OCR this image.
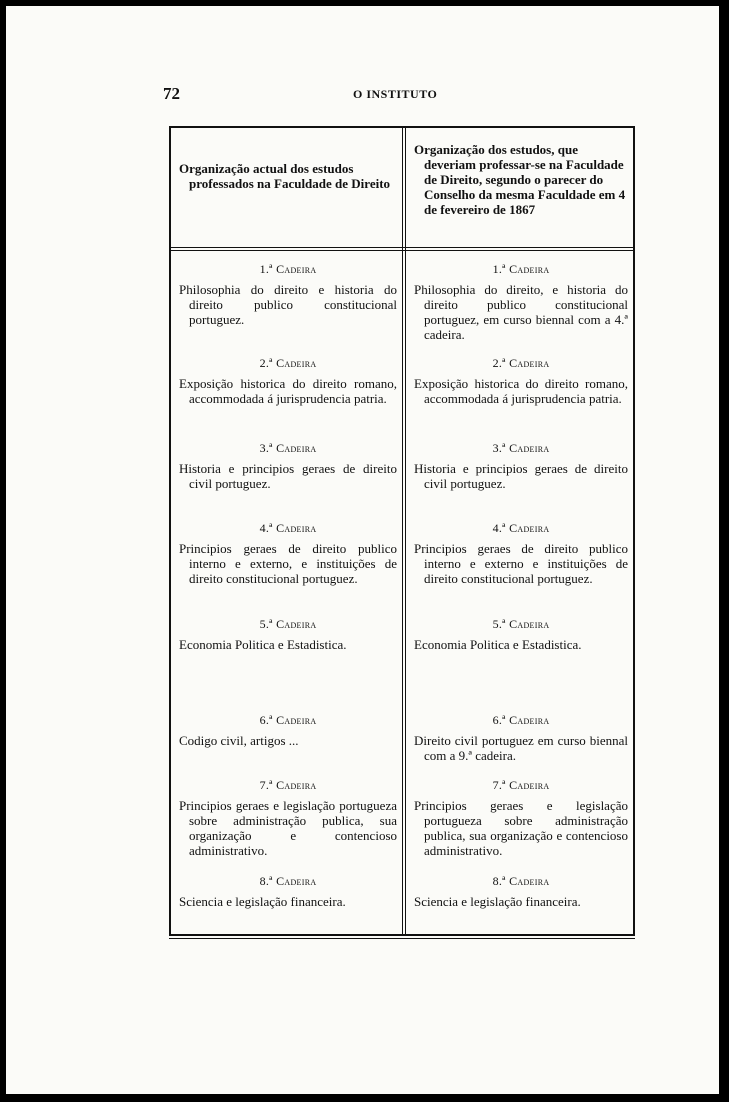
72	O INSTITUTO
Organização actual dos estudos professados na Faculdade de Direito
1.ª Cadeira
Philosophia do direito e historia do direito publico constitucional portuguez.
2.ª Cadeira
Exposição historica do direito romano, accommodada á jurisprudencia patria.
3.ª Cadeira
Historia e principios geraes de direito civil portuguez.
4.ª Cadeira
Principios geraes de direito publico interno e externo, e instituições de direito constitucional portuguez.
5.ª Cadeira
Economia Politica e Estadistica.
6.ª Cadeira
Codigo civil, artigos ...
7.ª Cadeira
Principios geraes e legislação portugueza sobre administração publica, sua organização e contencioso administrativo.
8.ª Cadeira
Sciencia e legislação financeira.
Organização dos estudos, que deveriam professar-se na Faculdade de Direito, segundo o parecer do Conselho da mesma Faculdade em 4 de fevereiro de 1867
1.ª Cadeira
Philosophia do direito, e historia do direito publico constitucional portuguez, em curso biennal com a 4.ª cadeira.
2.ª Cadeira
Exposição historica do direito romano, accommodada á jurisprudencia patria.
3.ª Cadeira
Historia e principios geraes de direito civil portuguez.
4.ª Cadeira
Principios geraes de direito publico interno e externo e instituições de direito constitucional portuguez.
5.ª Cadeira
Economia Politica e Estadistica.
6.ª Cadeira
Direito civil portuguez em curso biennal com a 9.ª cadeira.
7.ª Cadeira
Principios geraes e legislação portugueza sobre administração publica, sua organização e contencioso administrativo.
8.ª Cadeira
Sciencia e legislação financeira.
